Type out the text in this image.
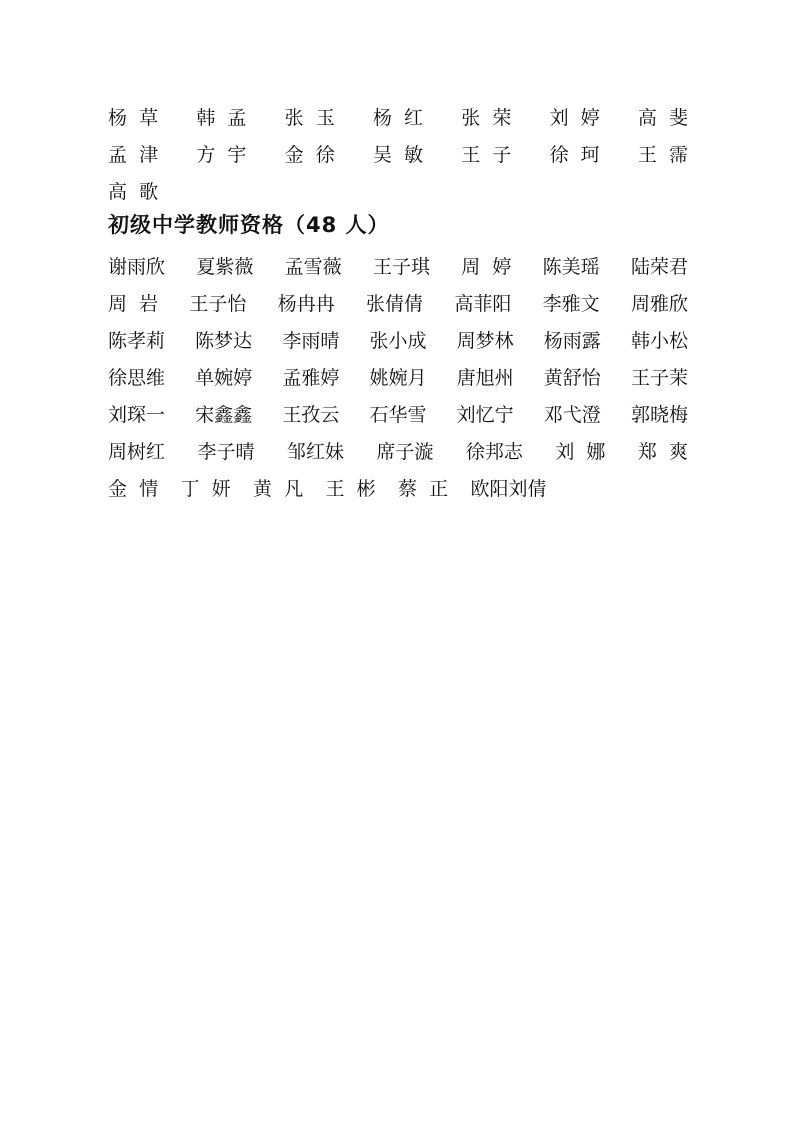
杨  草 韩  孟 张  玉 杨  红 张  荣 刘  婷 高  斐
孟  津 方  宇 金  徐 吴  敏 王  子 徐  珂 王  霈
高  歌
初级中学教师资格（48 人）
谢雨欣 夏紫薇 孟雪薇 王子琪 周  婷 陈美瑶 陆荣君
周  岩 王子怡 杨冉冉 张倩倩 高菲阳 李雅文 周雅欣
陈孝莉 陈梦达 李雨晴 张小成 周梦林 杨雨露 韩小松
徐思维 单婉婷 孟雅婷 姚婉月 唐旭州 黄舒怡 王子茉
刘琛一 宋鑫鑫 王孜云 石华雪 刘忆宁 邓弋澄 郭晓梅
周树红 李子晴 邹红妹 席子漩 徐邦志 刘  娜 郑  爽
金  情	丁  妍	黄  凡	王  彬	蔡  正	欧阳刘倩
